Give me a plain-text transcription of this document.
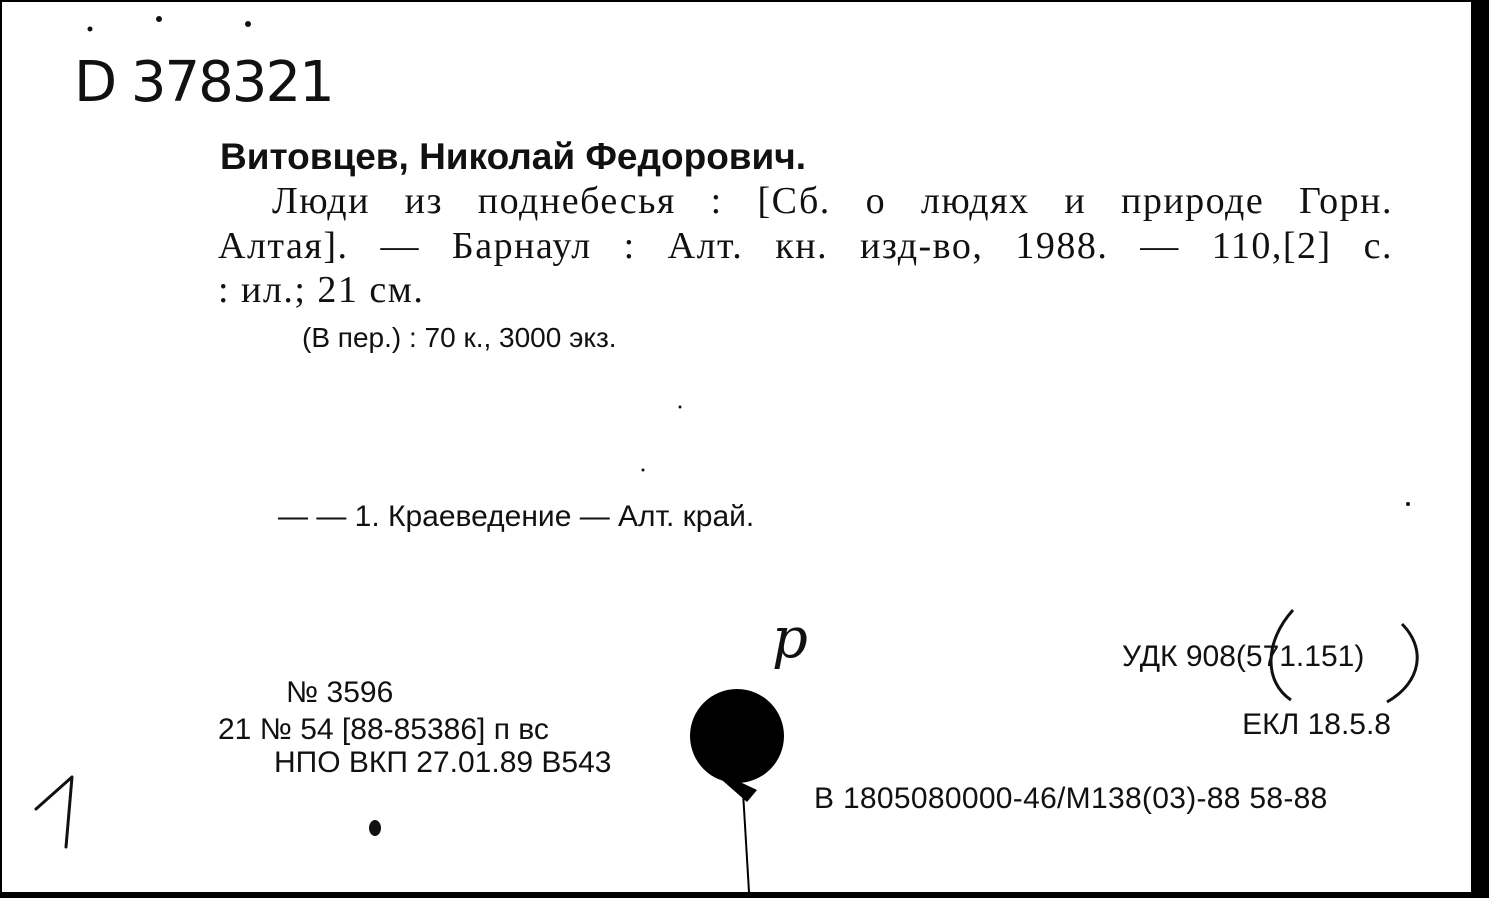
D 378321
Витовцев, Николай Федорович.
Люди из поднебесья : [Сб. о людях и природе Горн.
Алтая]. — Барнаул : Алт. кн. изд-во, 1988. — 110,[2] с.
: ил.; 21 см.
(В пер.) : 70 к., 3000 экз.
— — 1. Краеведение — Алт. край.
р	УДК 908(571.151)
ЕКЛ 18.5.8
В 1805080000-46/М138(03)-88 58-88
№ 3596
21 № 54 [88-85386] п вс
НПО ВКП 27.01.89 В543
